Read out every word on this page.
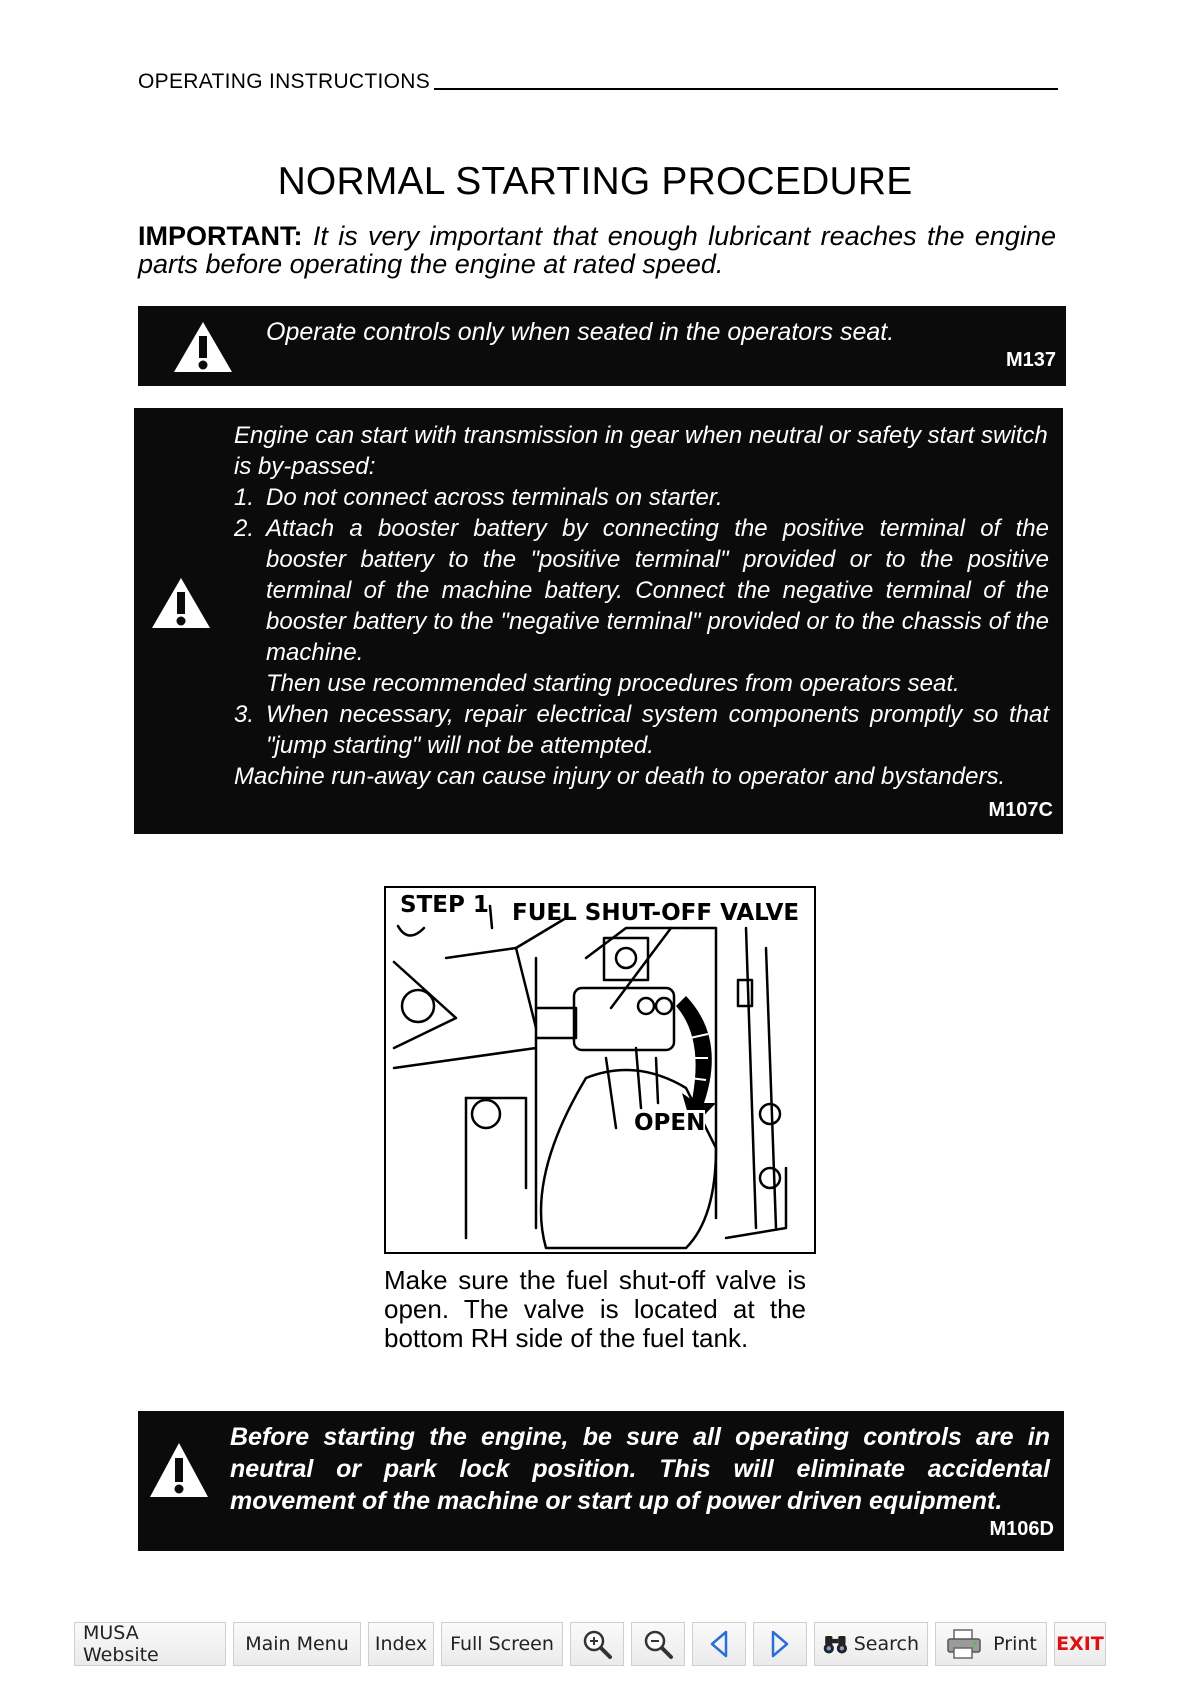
OPERATING INSTRUCTIONS
NORMAL STARTING PROCEDURE
IMPORTANT: It is very important that enough lubricant reaches the engine parts before operating the engine at rated speed.
Operate controls only when seated in the operators seat.
M137

Engine can start with transmission in gear when neutral or safety start switch is by-passed:

1. Do not connect across terminals on starter.
2. Attach a booster battery by connecting the positive terminal of the booster battery to the "positive terminal" provided or to the positive terminal of the machine battery. Connect the negative terminal of the booster battery to the "negative terminal" provided or to the chassis of the machine.
Then use recommended starting procedures from operators seat.
3. When necessary, repair electrical system components promptly so that "jump starting" will not be attempted.

Machine run-away can cause injury or death to operator and bystanders.

M107C
STEP 1 FUEL SHUT-OFF VALVE
OPEN
Make sure the fuel shut-off valve is open. The valve is located at the bottom RH side of the fuel tank.
Before starting the engine, be sure all operating controls are in neutral or park lock position. This will eliminate accidental movement of the machine or start up of power driven equipment.
M106D
MUSA Website	Main Menu	Index	Full Screen	Search	Print EXIT
